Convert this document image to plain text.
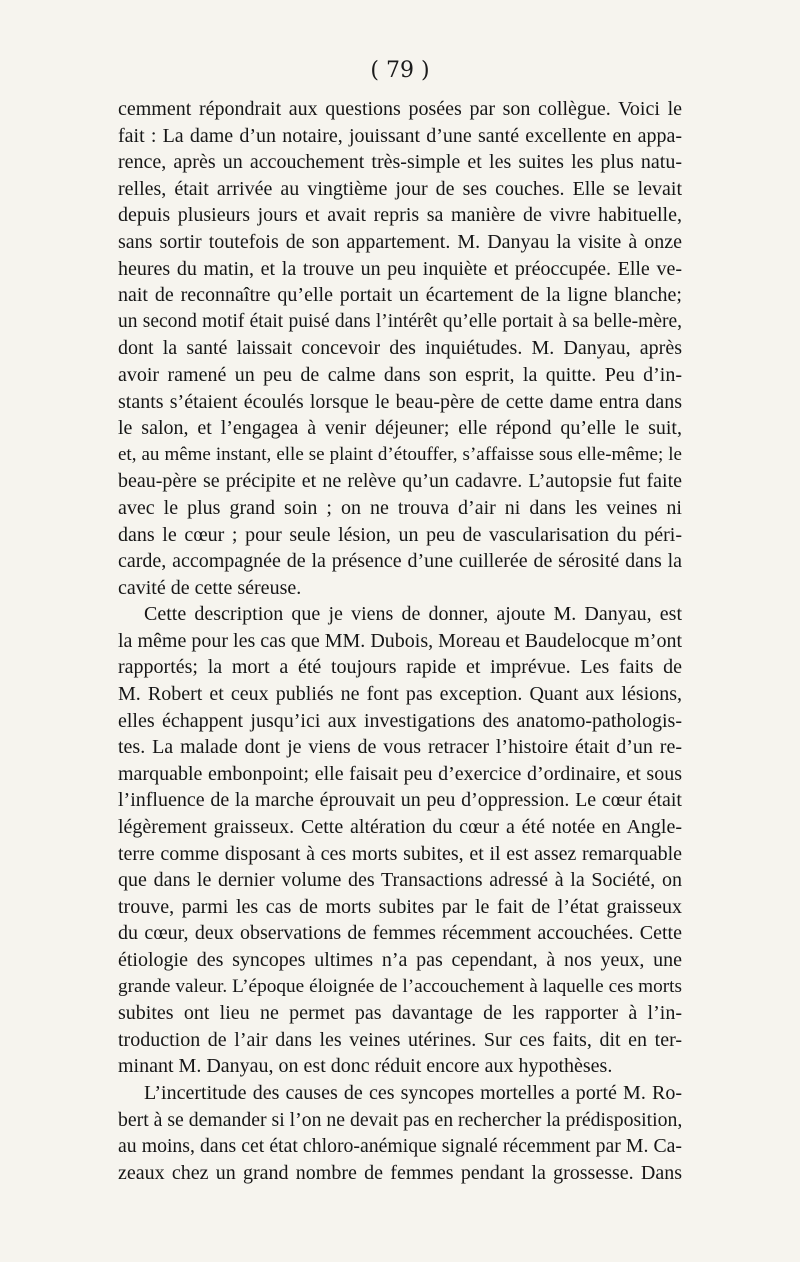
( 79 )
cemment répondrait aux questions posées par son collègue. Voici le
fait : La dame d’un notaire, jouissant d’une santé excellente en appa-
rence, après un accouchement très-simple et les suites les plus natu-
relles, était arrivée au vingtième jour de ses couches. Elle se levait
depuis plusieurs jours et avait repris sa manière de vivre habituelle,
sans sortir toutefois de son appartement. M. Danyau la visite à onze
heures du matin, et la trouve un peu inquiète et préoccupée. Elle ve-
nait de reconnaître qu’elle portait un écartement de la ligne blanche;
un second motif était puisé dans l’intérêt qu’elle portait à sa belle-mère,
dont la santé laissait concevoir des inquiétudes. M. Danyau, après
avoir ramené un peu de calme dans son esprit, la quitte. Peu d’in-
stants s’étaient écoulés lorsque le beau-père de cette dame entra dans
le salon, et l’engagea à venir déjeuner; elle répond qu’elle le suit,
et, au même instant, elle se plaint d’étouffer, s’affaisse sous elle-même; le
beau-père se précipite et ne relève qu’un cadavre. L’autopsie fut faite
avec le plus grand soin ; on ne trouva d’air ni dans les veines ni
dans le cœur ; pour seule lésion, un peu de vascularisation du péri-
carde, accompagnée de la présence d’une cuillerée de sérosité dans la
cavité de cette séreuse.
Cette description que je viens de donner, ajoute M. Danyau, est
la même pour les cas que MM. Dubois, Moreau et Baudelocque m’ont
rapportés; la mort a été toujours rapide et imprévue. Les faits de
M. Robert et ceux publiés ne font pas exception. Quant aux lésions,
elles échappent jusqu’ici aux investigations des anatomo-pathologis-
tes. La malade dont je viens de vous retracer l’histoire était d’un re-
marquable embonpoint; elle faisait peu d’exercice d’ordinaire, et sous
l’influence de la marche éprouvait un peu d’oppression. Le cœur était
légèrement graisseux. Cette altération du cœur a été notée en Angle-
terre comme disposant à ces morts subites, et il est assez remarquable
que dans le dernier volume des Transactions adressé à la Société, on
trouve, parmi les cas de morts subites par le fait de l’état graisseux
du cœur, deux observations de femmes récemment accouchées. Cette
étiologie des syncopes ultimes n’a pas cependant, à nos yeux, une
grande valeur. L’époque éloignée de l’accouchement à laquelle ces morts
subites ont lieu ne permet pas davantage de les rapporter à l’in-
troduction de l’air dans les veines utérines. Sur ces faits, dit en ter-
minant M. Danyau, on est donc réduit encore aux hypothèses.
L’incertitude des causes de ces syncopes mortelles a porté M. Ro-
bert à se demander si l’on ne devait pas en rechercher la prédisposition,
au moins, dans cet état chloro-anémique signalé récemment par M. Ca-
zeaux chez un grand nombre de femmes pendant la grossesse. Dans
